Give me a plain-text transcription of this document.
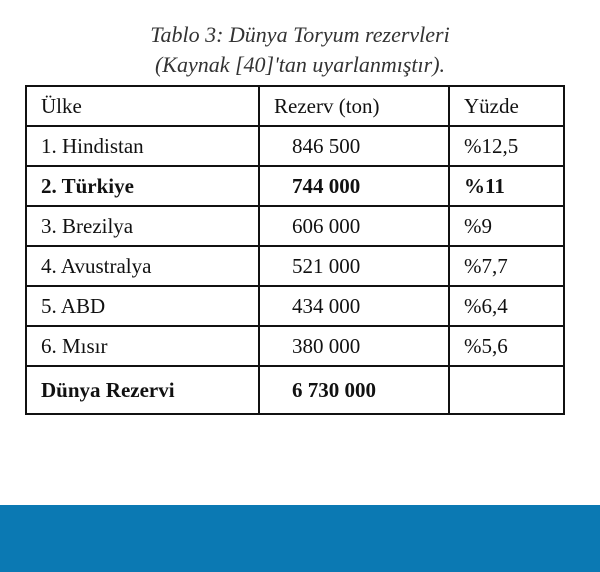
Tablo 3: Dünya Toryum rezervleri
(Kaynak [40]'tan uyarlanmıştır).
Ülke	Rezerv (ton)	Yüzde
1. Hindistan	846 500	%12,5
2. Türkiye	744 000	%11
3. Brezilya	606 000	%9
4. Avustralya	521 000	%7,7
5. ABD	434 000	%6,4
6. Mısır	380 000	%5,6
Dünya Rezervi	6 730 000	
